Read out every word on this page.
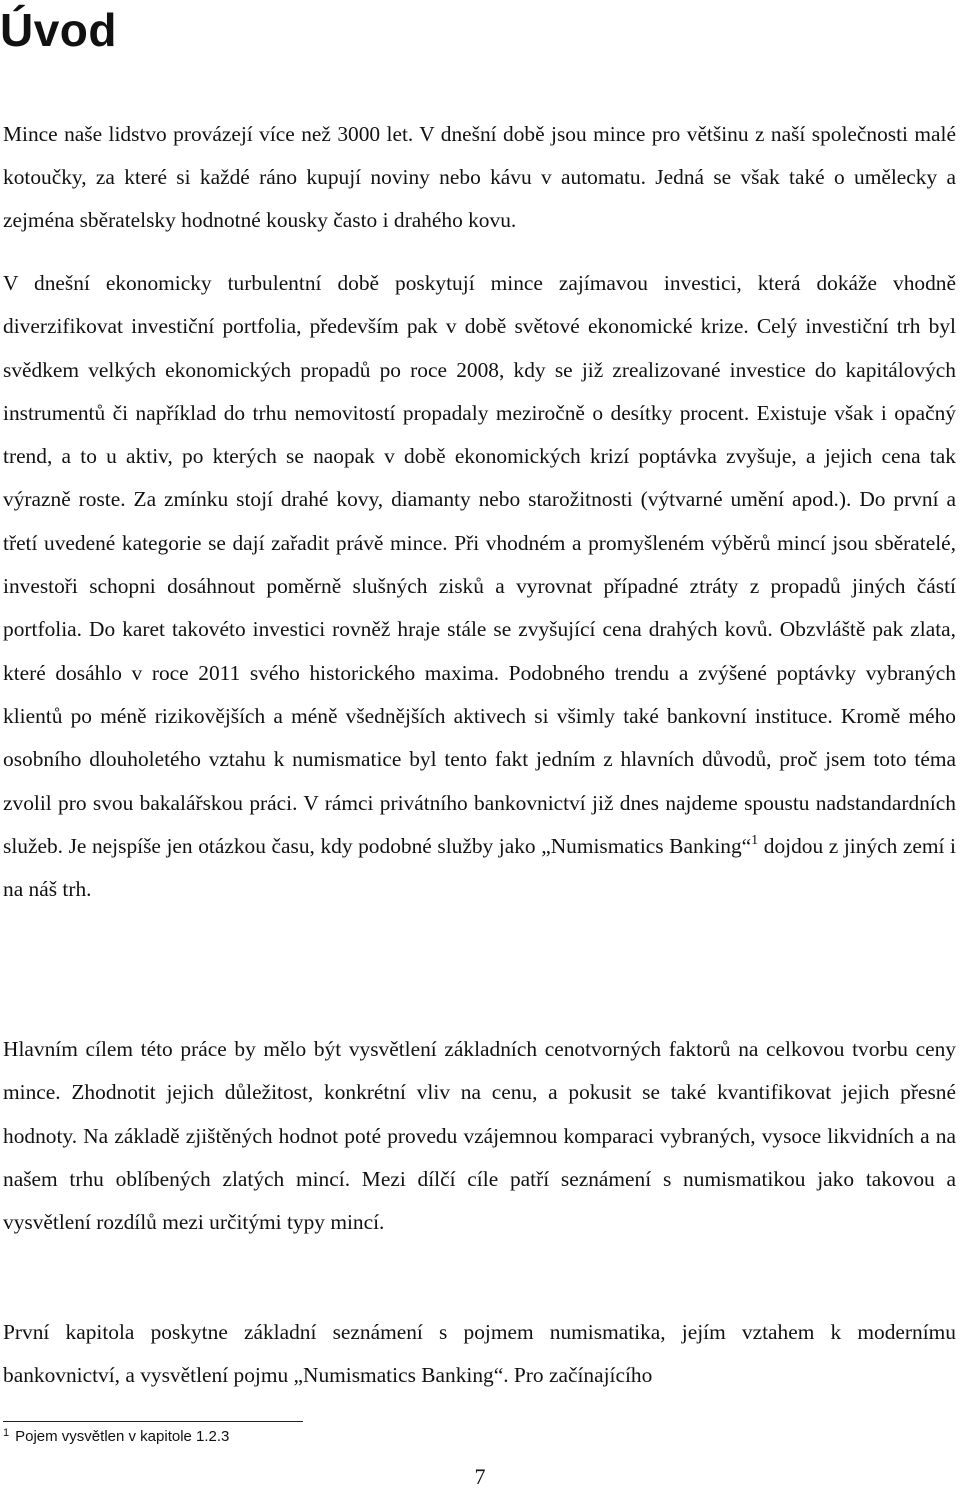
Úvod

Mince naše lidstvo provázejí více než 3000 let. V dnešní době jsou mince pro většinu z naší společnosti malé kotoučky, za které si každé ráno kupují noviny nebo kávu v automatu. Jedná se však také o umělecky a zejména sběratelsky hodnotné kousky často i drahého kovu.

V dnešní ekonomicky turbulentní době poskytují mince zajímavou investici, která dokáže vhodně diverzifikovat investiční portfolia, především pak v době světové ekonomické krize. Celý investiční trh byl svědkem velkých ekonomických propadů po roce 2008, kdy se již zrealizované investice do kapitálových instrumentů či například do trhu nemovitostí propadaly meziročně o desítky procent. Existuje však i opačný trend, a to u aktiv, po kterých se naopak v době ekonomických krizí poptávka zvyšuje, a jejich cena tak výrazně roste. Za zmínku stojí drahé kovy, diamanty nebo starožitnosti (výtvarné umění apod.). Do první a třetí uvedené kategorie se dají zařadit právě mince. Při vhodném a promyšleném výběrů mincí jsou sběratelé, investoři schopni dosáhnout poměrně slušných zisků a vyrovnat případné ztráty z propadů jiných částí portfolia. Do karet takovéto investici rovněž hraje stále se zvyšující cena drahých kovů. Obzvláště pak zlata, které dosáhlo v roce 2011 svého historického maxima. Podobného trendu a zvýšené poptávky vybraných klientů po méně rizikovějších a méně všednějších aktivech si všimly také bankovní instituce. Kromě mého osobního dlouholetého vztahu k numismatice byl tento fakt jedním z hlavních důvodů, proč jsem toto téma zvolil pro svou bakalářskou práci. V rámci privátního bankovnictví již dnes najdeme spoustu nadstandardních služeb. Je nejspíše jen otázkou času, kdy podobné služby jako „Numismatics Banking“$^1$ dojdou z jiných zemí i na náš trh.

Hlavním cílem této práce by mělo být vysvětlení základních cenotvorných faktorů na celkovou tvorbu ceny mince. Zhodnotit jejich důležitost, konkrétní vliv na cenu, a pokusit se také kvantifikovat jejich přesné hodnoty. Na základě zjištěných hodnot poté provedu vzájemnou komparaci vybraných, vysoce likvidních a na našem trhu oblíbených zlatých mincí. Mezi dílčí cíle patří seznámení s numismatikou jako takovou a vysvětlení rozdílů mezi určitými typy mincí.

První kapitola poskytne základní seznámení s pojmem numismatika, jejím vztahem k modernímu bankovnictví, a vysvětlení pojmu „Numismatics Banking“. Pro začínajícího

$^1$ Pojem vysvětlen v kapitole 1.2.3
7
